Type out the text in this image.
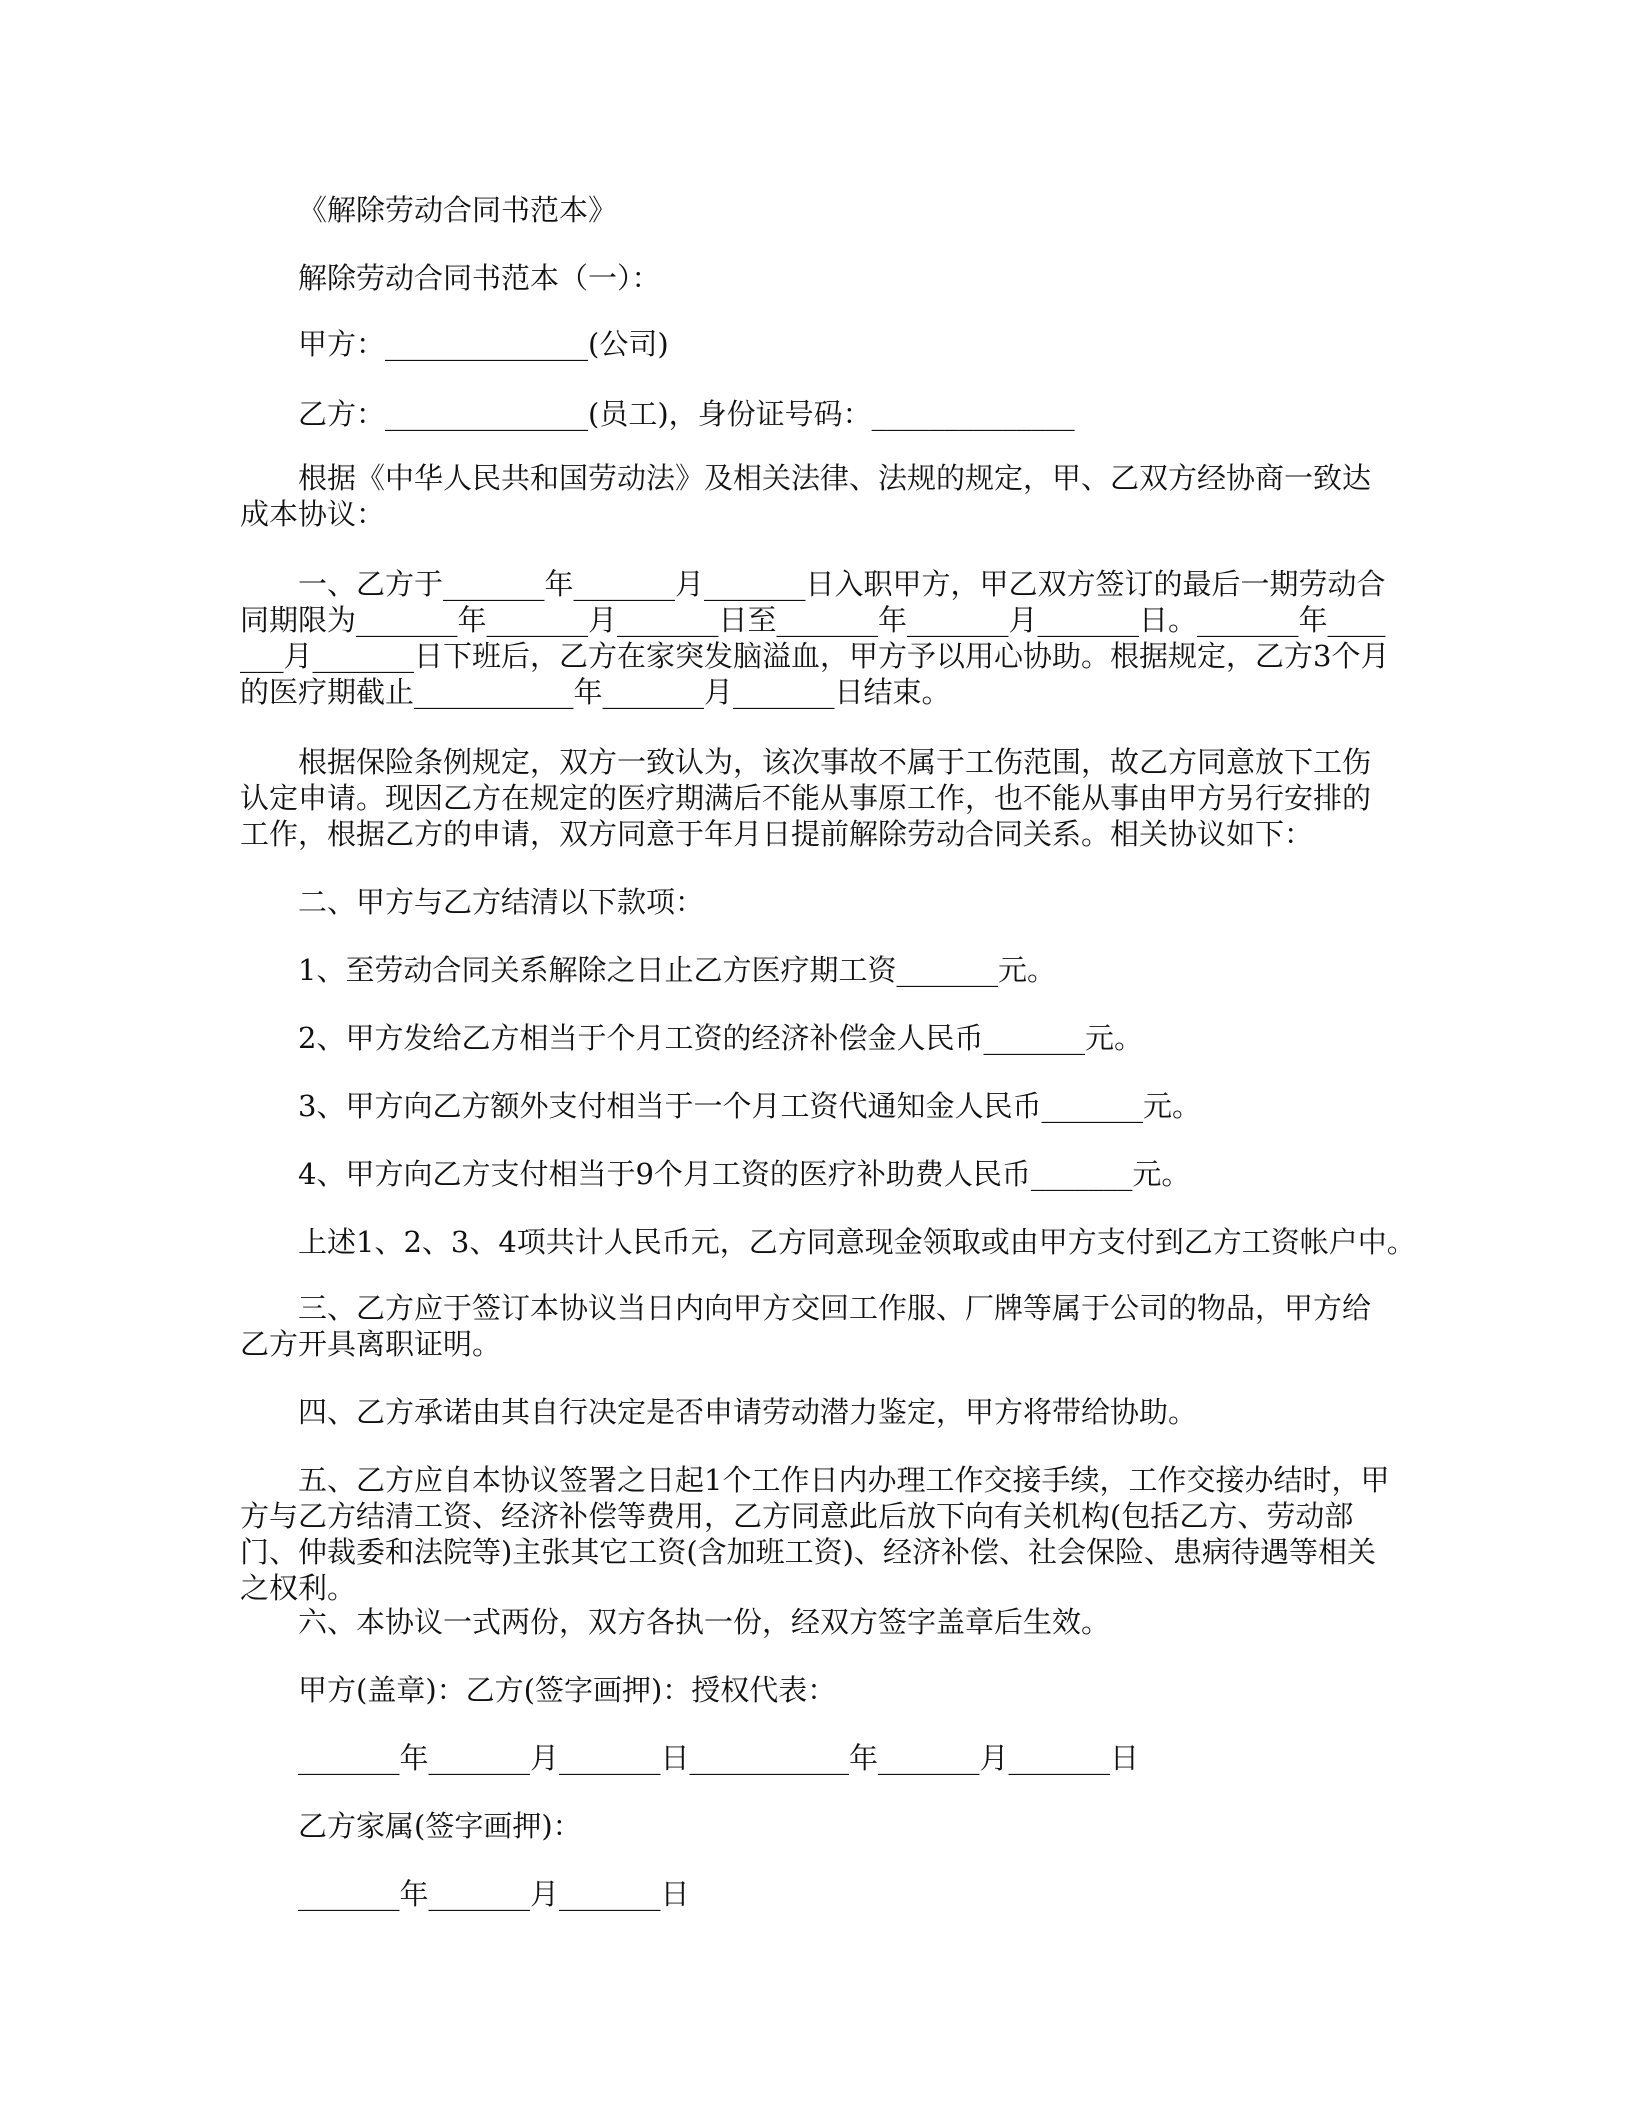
《解除劳动合同书范本》

解除劳动合同书范本（一）：

甲方：______________(公司)

乙方：______________(员工)，身份证号码：______________

根据《中华人民共和国劳动法》及相关法律、法规的规定，甲、乙双方经协商一致达成本协议：

一、乙方于_______年_______月_______日入职甲方，甲乙双方签订的最后一期劳动合同期限为_______年_______月_______日至_______年_______月_______日。_______年_______月_______日下班后，乙方在家突发脑溢血，甲方予以用心协助。根据规定，乙方3个月的医疗期截止___________年_______月_______日结束。

根据保险条例规定，双方一致认为，该次事故不属于工伤范围，故乙方同意放下工伤认定申请。现因乙方在规定的医疗期满后不能从事原工作，也不能从事由甲方另行安排的工作，根据乙方的申请，双方同意于年月日提前解除劳动合同关系。相关协议如下：

二、甲方与乙方结清以下款项：

1、至劳动合同关系解除之日止乙方医疗期工资_______元。

2、甲方发给乙方相当于个月工资的经济补偿金人民币_______元。

3、甲方向乙方额外支付相当于一个月工资代通知金人民币_______元。

4、甲方向乙方支付相当于9个月工资的医疗补助费人民币_______元。

上述1、2、3、4项共计人民币元，乙方同意现金领取或由甲方支付到乙方工资帐户中。

三、乙方应于签订本协议当日内向甲方交回工作服、厂牌等属于公司的物品，甲方给乙方开具离职证明。

四、乙方承诺由其自行决定是否申请劳动潜力鉴定，甲方将带给协助。

五、乙方应自本协议签署之日起1个工作日内办理工作交接手续，工作交接办结时，甲方与乙方结清工资、经济补偿等费用，乙方同意此后放下向有关机构(包括乙方、劳动部门、仲裁委和法院等)主张其它工资(含加班工资)、经济补偿、社会保险、患病待遇等相关之权利。

六、本协议一式两份，双方各执一份，经双方签字盖章后生效。

甲方(盖章)：乙方(签字画押)：授权代表：

_______年_______月_______日___________年_______月_______日

乙方家属(签字画押)：

_______年_______月_______日
